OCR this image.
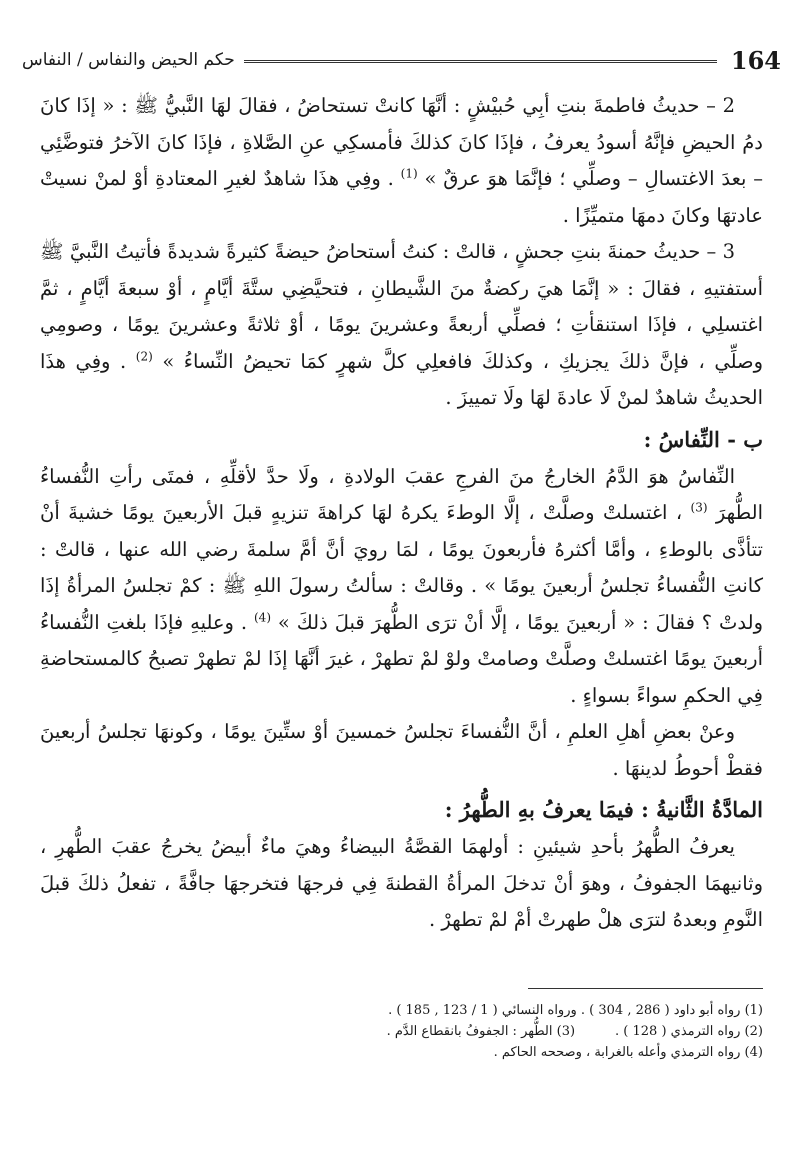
164
حكم الحيض والنفاس / النفاس

2 – حديثُ فاطمةَ بنتِ أبِي حُبيْشٍ : أنَّهَا كانتْ تستحاضُ ، فقالَ لهَا النَّبيُّ ﷺ : « إذَا كانَ دمُ الحيضِ فإنَّهُ أسودُ يعرفُ ، فإذَا كانَ كذلكَ فأمسكِي عنِ الصَّلاةِ ، فإذَا كانَ الآخرُ فتوضَّئِي – بعدَ الاغتسالِ – وصلِّي ؛ فإنَّمَا هوَ عرقٌ » $^{(1)}$ . وفِي هذَا شاهدٌ لغيرِ المعتادةِ أوْ لمنْ نسيتْ عادتهَا وكانَ دمهَا متميِّزًا .

3 – حديثُ حمنةَ بنتِ جحشٍ ، قالتْ : كنتُ أستحاضُ حيضةً كثيرةً شديدةً فأتيتُ النَّبيَّ ﷺ أستفتيهِ ، فقالَ : « إنَّمَا هيَ ركضةٌ منَ الشَّيطانِ ، فتحيَّضِي ستَّةَ أيَّامٍ ، أوْ سبعةَ أيَّامٍ ، ثمَّ اغتسلِي ، فإذَا استنقأتِ ؛ فصلِّي أربعةً وعشرينَ يومًا ، أوْ ثلاثةً وعشرينَ يومًا ، وصومِي وصلِّي ، فإنَّ ذلكَ يجزيكِ ، وكذلكَ فافعلِي كلَّ شهرٍ كمَا تحيضُ النِّساءُ » $^{(2)}$ . وفِي هذَا الحديثُ شاهدٌ لمنْ لَا عادةَ لهَا ولَا تمييزَ .

ب - النِّفاسُ :

النِّفاسُ هوَ الدَّمُ الخارجُ منَ الفرجِ عقبَ الولادةِ ، ولَا حدَّ لأقلِّهِ ، فمتَى رأتِ النُّفساءُ الطُّهرَ $^{(3)}$ ، اغتسلتْ وصلَّتْ ، إلَّا الوطءَ يكرهُ لهَا كراهةَ تنزيهٍ قبلَ الأربعينَ يومًا خشيةَ أنْ تتأذَّى بالوطءِ ، وأمَّا أكثرهُ فأربعونَ يومًا ، لمَا رويَ أنَّ أمَّ سلمةَ رضي الله عنها ، قالتْ : كانتِ النُّفساءُ تجلسُ أربعينَ يومًا » . وقالتْ : سألتُ رسولَ اللهِ ﷺ : كمْ تجلسُ المرأةُ إذَا ولدتْ ؟ فقالَ : « أربعينَ يومًا ، إلَّا أنْ ترَى الطُّهرَ قبلَ ذلكَ » $^{(4)}$ . وعليهِ فإذَا بلغتِ النُّفساءُ أربعينَ يومًا اغتسلتْ وصلَّتْ وصامتْ ولوْ لمْ تطهرْ ، غيرَ أنَّهَا إذَا لمْ تطهرْ تصبحُ كالمستحاضةِ فِي الحكمِ سواءً بسواءٍ .

وعنْ بعضِ أهلِ العلمِ ، أنَّ النُّفساءَ تجلسُ خمسينَ أوْ ستِّينَ يومًا ، وكونهَا تجلسُ أربعينَ فقطْ أحوطُ لدينهَا .

المادَّةُ الثَّانيةُ : فيمَا يعرفُ بهِ الطُّهرُ :

يعرفُ الطُّهرُ بأحدِ شيئينِ : أولهمَا القصَّةُ البيضاءُ وهيَ ماءٌ أبيضُ يخرجُ عقبَ الطُّهرِ ، وثانيهمَا الجفوفُ ، وهوَ أنْ تدخلَ المرأةُ القطنةَ فِي فرجهَا فتخرجهَا جافَّةً ، تفعلُ ذلكَ قبلَ النَّومِ وبعدهُ لترَى هلْ طهرتْ أمْ لمْ تطهرْ .

(1) رواه أبو داود ( 286 , 304 ) . ورواه النسائي ( 1 / 123 , 185 ) .

(2) رواه الترمذي ( 128 ) .
(3) الطُّهر : الجفوفُ بانقطاع الدَّم .

(4) رواه الترمذي وأعله بالغرابة ، وصححه الحاكم .
